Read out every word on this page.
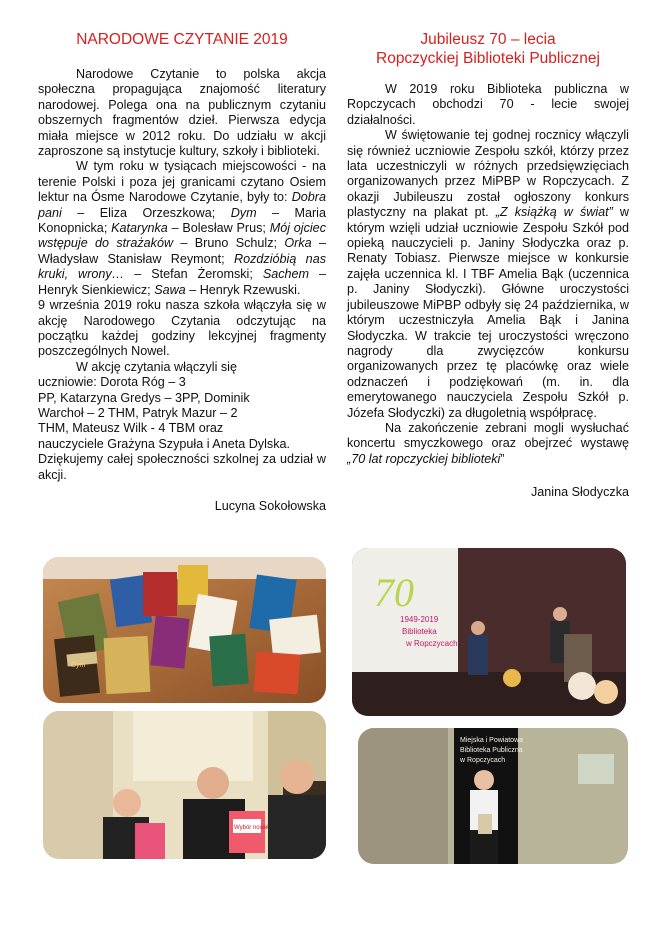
NARODOWE CZYTANIE 2019

Narodowe Czytanie to polska akcja społeczna propagująca znajomość literatury narodowej. Polega ona na publicznym czytaniu obszernych fragmentów dzieł. Pierwsza edycja miała miejsce w 2012 roku. Do udziału w akcji zaproszone są instytucje kultury, szkoły i biblioteki.

W tym roku w tysiącach miejscowości - na terenie Polski i poza jej granicami czytano Osiem lektur na Ósme Narodowe Czytanie, były to: Dobra pani – Eliza Orzeszkowa; Dym – Maria Konopnicka; Katarynka – Bolesław Prus; Mój ojciec wstępuje do strażaków – Bruno Schulz; Orka – Władysław Stanisław Reymont; Rozdzióbią nas kruki, wrony… – Stefan Żeromski; Sachem – Henryk Sienkiewicz; Sawa – Henryk Rzewuski.

9 września 2019 roku nasza szkoła włączyła się w akcję Narodowego Czytania odczytując na początku każdej godziny lekcyjnej fragmenty poszczególnych Nowel.

W akcję czytania włączyli się

uczniowie: Dorota Róg – 3

PP, Katarzyna Gredys – 3PP, Dominik

Warchoł – 2 THM, Patryk Mazur – 2

THM, Mateusz Wilk - 4 TBM oraz

nauczyciele Grażyna Szypuła i Aneta Dylska.

Dziękujemy całej społeczności szkolnej za udział w akcji.

Lucyna Sokołowska

Jubileusz 70 – lecia
Ropczyckiej Biblioteki Publicznej

W 2019 roku Biblioteka publiczna w Ropczycach obchodzi 70 - lecie swojej działalności.

W świętowanie tej godnej rocznicy włączyli się również uczniowie Zespołu szkół, którzy przez lata uczestniczyli w różnych przedsięwzięciach organizowanych przez MiPBP w Ropczycach. Z okazji Jubileuszu został ogłoszony konkurs plastyczny na plakat pt. „Z książką w świat” w którym wzięli udział uczniowie Zespołu Szkół pod opieką nauczycieli p. Janiny Słodyczka oraz p. Renaty Tobiasz. Pierwsze miejsce w konkursie zajęła uczennica kl. I TBF Amelia Bąk (uczennica p. Janiny Słodyczki). Główne uroczystości jubileuszowe MiPBP odbyły się 24 października, w którym uczestniczyła Amelia Bąk i Janina Słodyczka. W trakcie tej uroczystości wręczono nagrody dla zwycięzców konkursu organizowanych przez tę placówkę oraz wiele odznaczeń i podziękowań (m. in. dla emerytowanego nauczyciela Zespołu Szkół p. Józefa Słodyczki) za długoletnią współpracę.

Na zakończenie zebrani mogli wysłuchać koncertu smyczkowego oraz obejrzeć wystawę „70 lat ropczyckiej biblioteki”

Janina Słodyczka

Dym
Wybór nowel
70
1949-2019
Biblioteka
w Ropczycach
Miejska i Powiatowa
Biblioteka Publiczna
w Ropczycach
